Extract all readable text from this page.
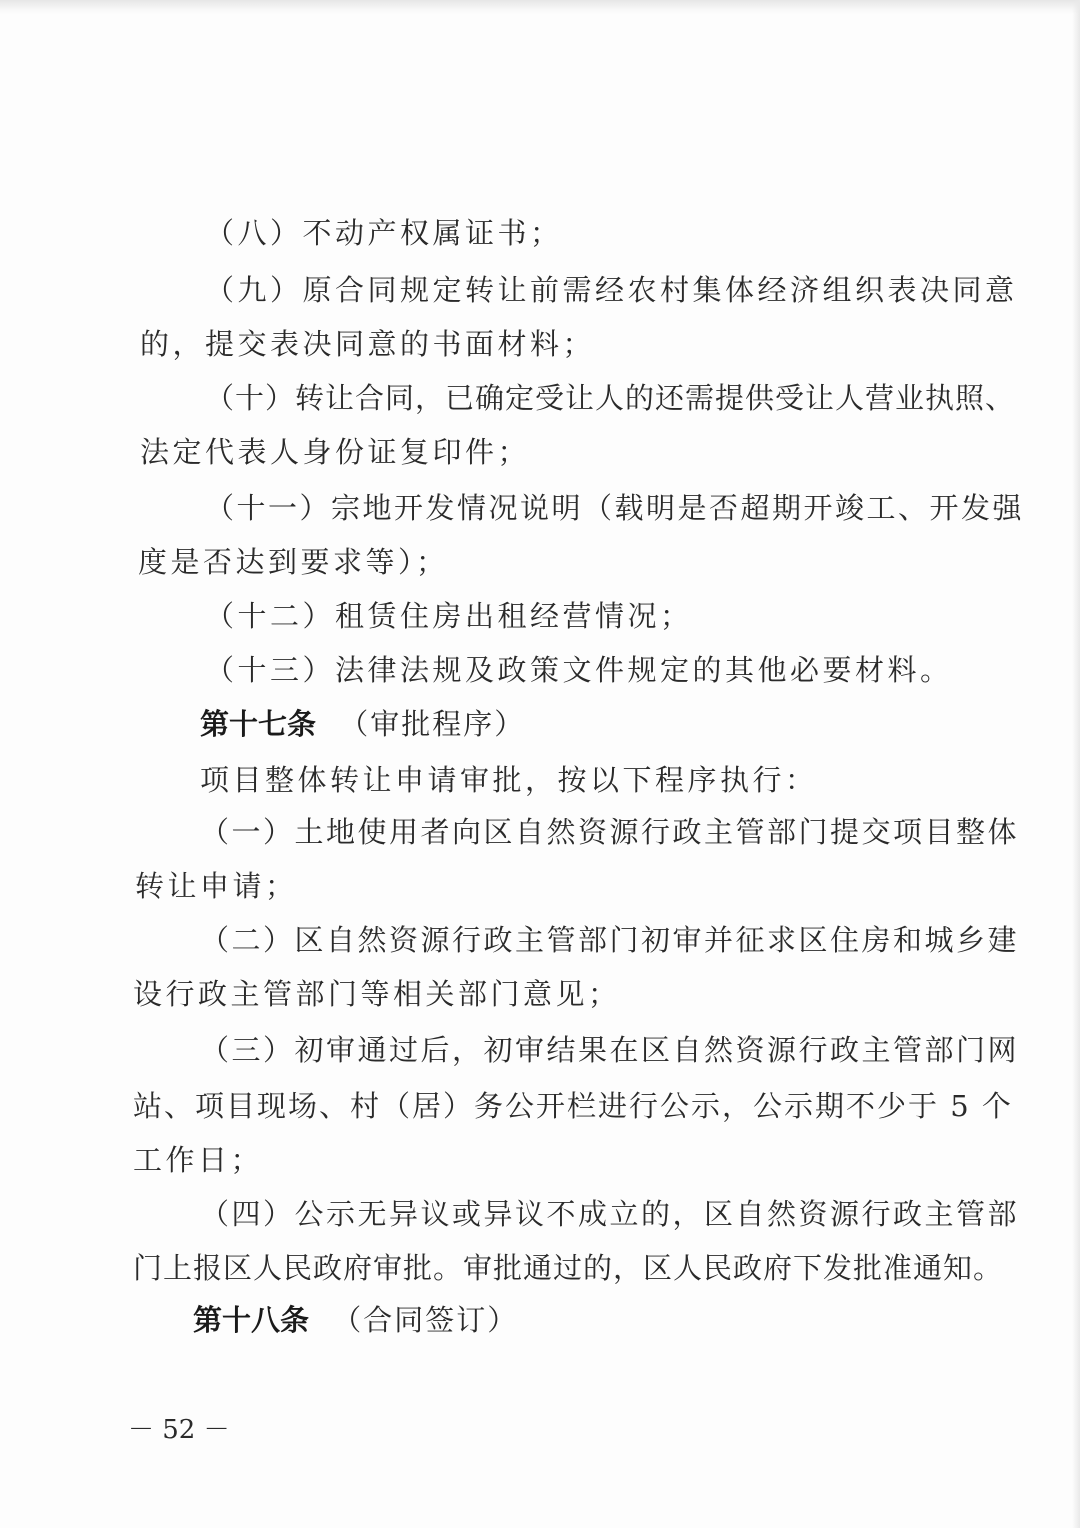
（八）不动产权属证书；
（九）原合同规定转让前需经农村集体经济组织表决同意
的，提交表决同意的书面材料；
（十）转让合同，已确定受让人的还需提供受让人营业执照、
法定代表人身份证复印件；
（十一）宗地开发情况说明（载明是否超期开竣工、开发强
度是否达到要求等）；
（十二）租赁住房出租经营情况；
（十三）法律法规及政策文件规定的其他必要材料。
第十七条 （审批程序）
项目整体转让申请审批，按以下程序执行：
（一）土地使用者向区自然资源行政主管部门提交项目整体
转让申请；
（二）区自然资源行政主管部门初审并征求区住房和城乡建
设行政主管部门等相关部门意见；
（三）初审通过后，初审结果在区自然资源行政主管部门网
站、项目现场、村（居）务公开栏进行公示，公示期不少于 5 个
工作日；
（四）公示无异议或异议不成立的，区自然资源行政主管部
门上报区人民政府审批。审批通过的，区人民政府下发批准通知。
第十八条 （合同签订）
－ 52 －
